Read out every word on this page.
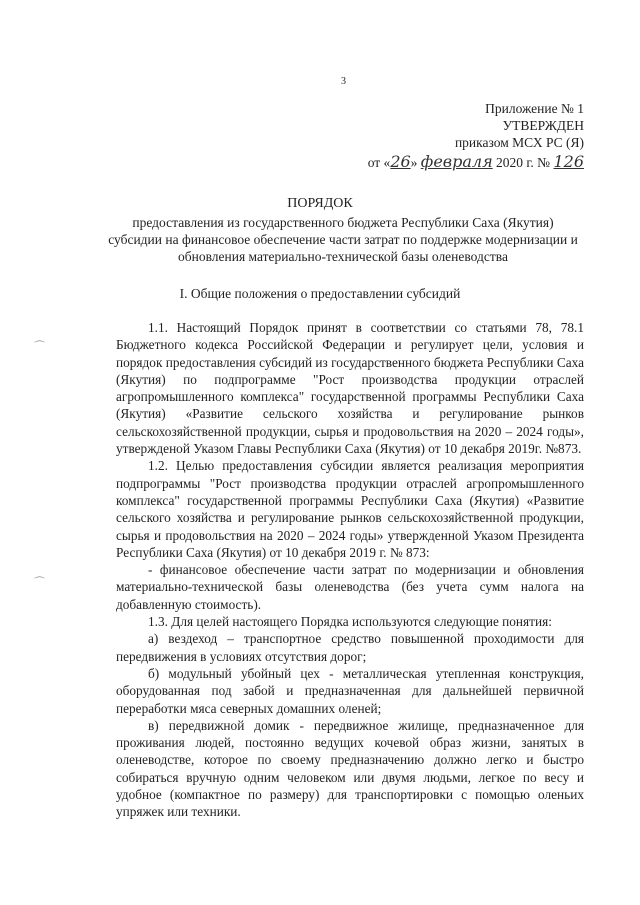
3
Приложение № 1
УТВЕРЖДЕН
приказом МСХ РС (Я)
от «26» февраля 2020 г. № 126
ПОРЯДОК
предоставления из государственного бюджета Республики Саха (Якутия) субсидии на финансовое обеспечение части затрат по поддержке модернизации и обновления материально-технической базы оленеводства
I. Общие положения о предоставлении субсидий

1.1. Настоящий Порядок принят в соответствии со статьями 78, 78.1 Бюджетного кодекса Российской Федерации и регулирует цели, условия и порядок предоставления субсидий из государственного бюджета Республики Саха (Якутия) по подпрограмме "Рост производства продукции отраслей агропромышленного комплекса" государственной программы Республики Саха (Якутия) «Развитие сельского хозяйства и регулирование рынков сельскохозяйственной продукции, сырья и продовольствия на 2020 – 2024 годы», утвержденой Указом Главы Республики Саха (Якутия) от 10 декабря 2019г. №873.

1.2. Целью предоставления субсидии является реализация мероприятия подпрограммы "Рост производства продукции отраслей агропромышленного комплекса" государственной программы Республики Саха (Якутия) «Развитие сельского хозяйства и регулирование рынков сельскохозяйственной продукции, сырья и продовольствия на 2020 – 2024 годы» утвержденной Указом Президента Республики Саха (Якутия) от 10 декабря 2019 г. № 873:

- финансовое обеспечение части затрат по модернизации и обновления материально-технической базы оленеводства (без учета сумм налога на добавленную стоимость).

1.3. Для целей настоящего Порядка используются следующие понятия:

а) вездеход – транспортное средство повышенной проходимости для передвижения в условиях отсутствия дорог;

б) модульный убойный цех - металлическая утепленная конструкция, оборудованная под забой и предназначенная для дальнейшей первичной переработки мяса северных домашних оленей;

в) передвижной домик - передвижное жилище, предназначенное для проживания людей, постоянно ведущих кочевой образ жизни, занятых в оленеводстве, которое по своему предназначению должно легко и быстро собираться вручную одним человеком или двумя людьми, легкое по весу и удобное (компактное по размеру) для транспортировки с помощью оленьих упряжек или техники.

⌒
⌒
